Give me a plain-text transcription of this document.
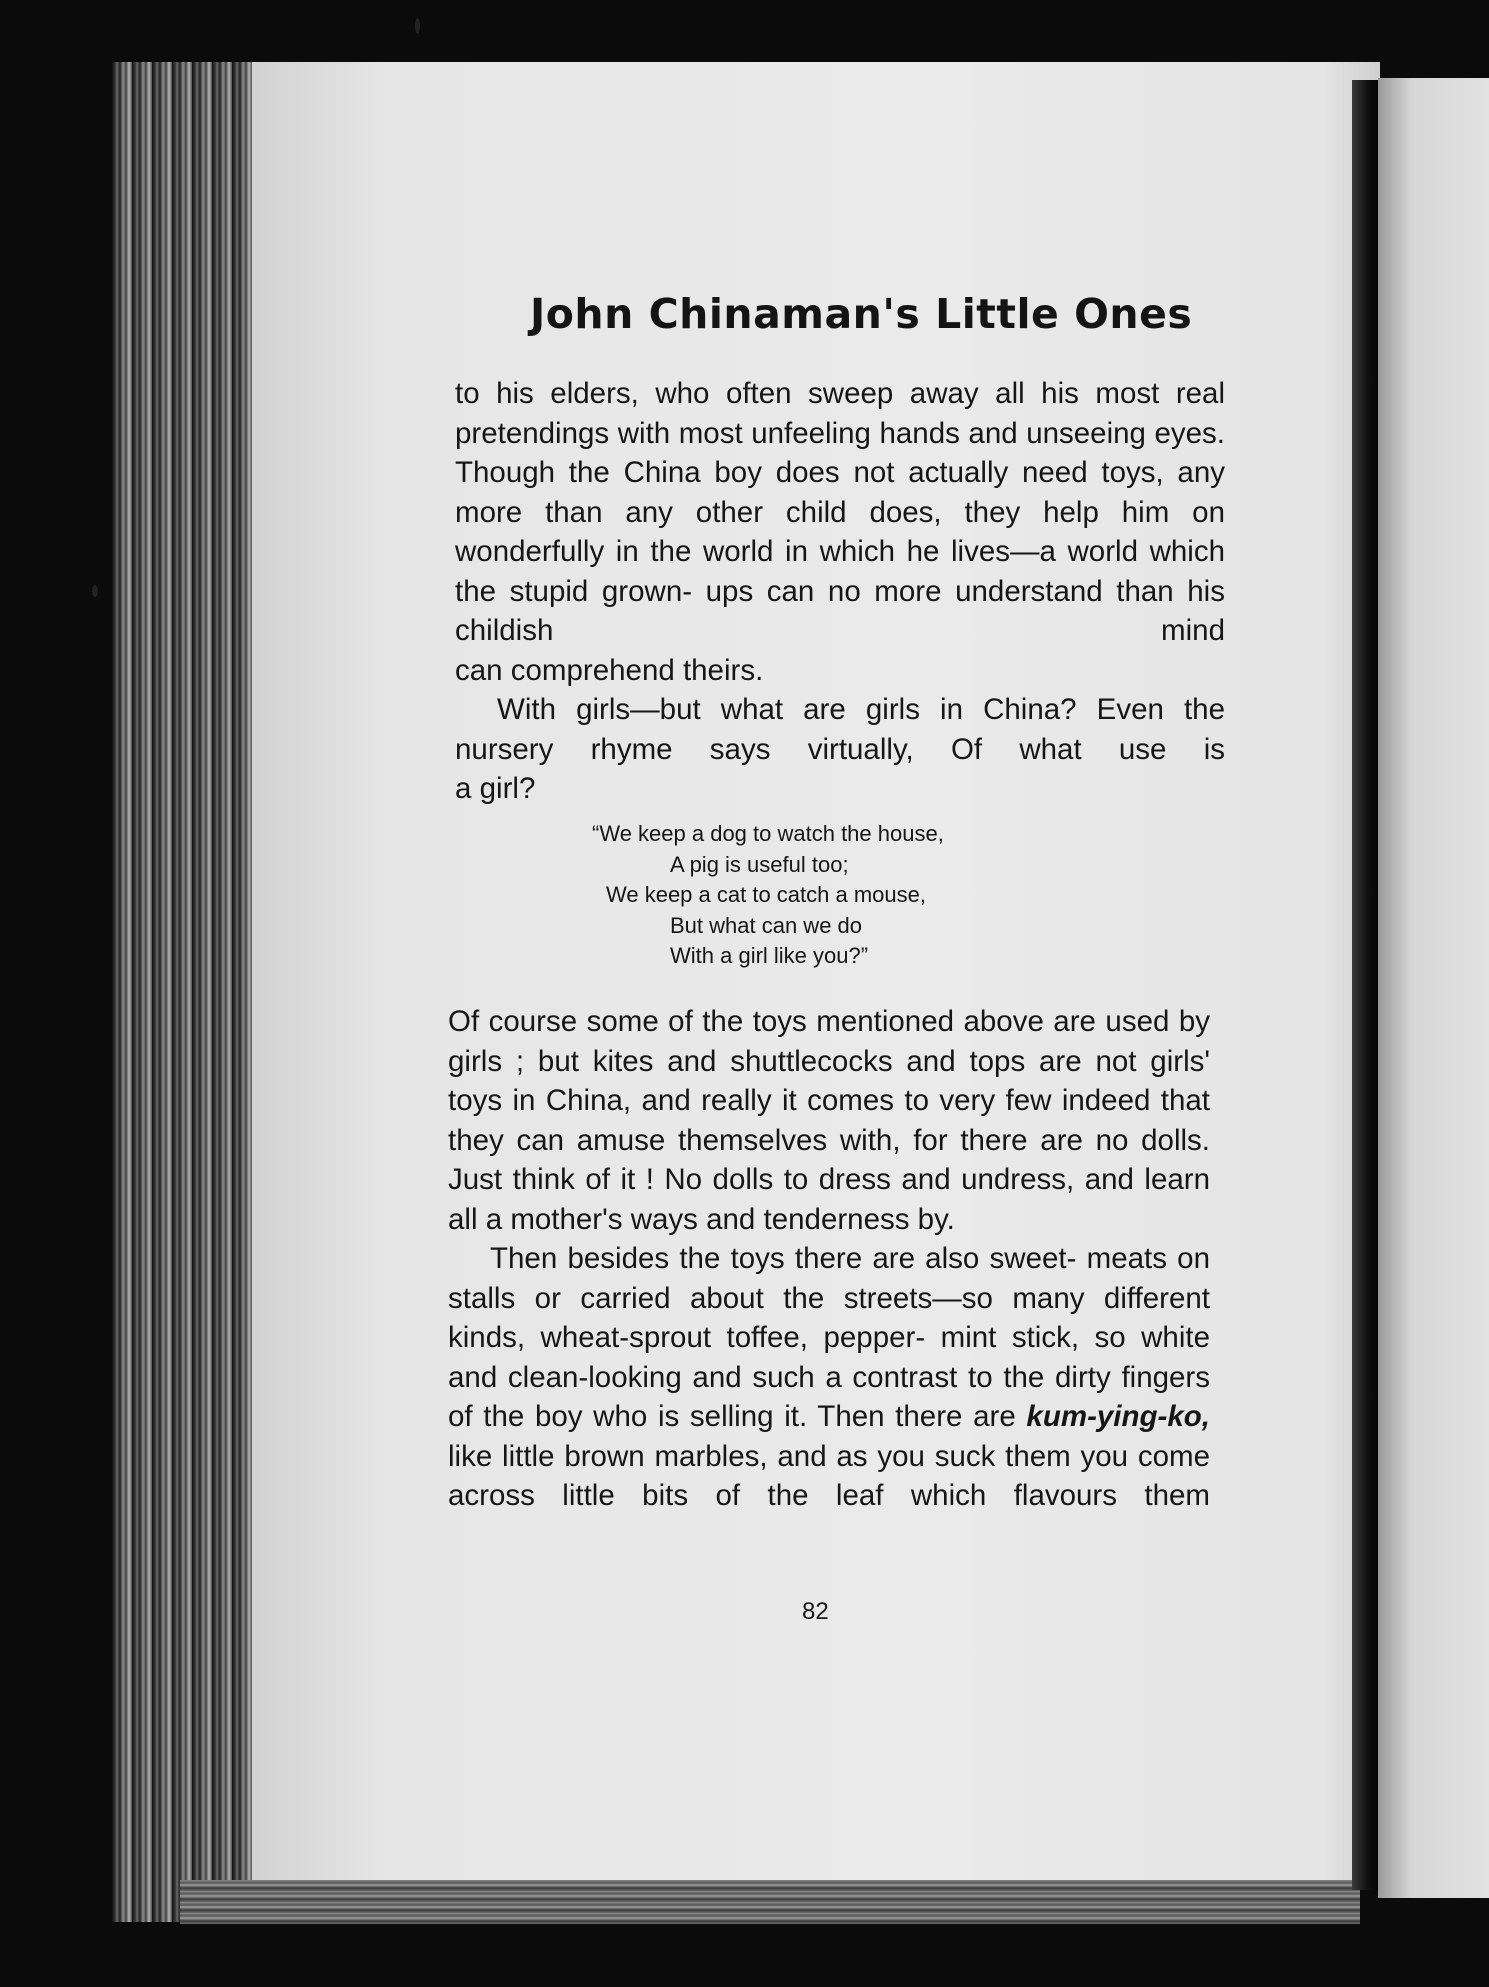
John Chinaman's Little Ones

to his elders, who often sweep away all his most real pretendings with most unfeeling hands and unseeing eyes. Though the China boy does not actually need toys, any more than any other child does, they help him on wonderfully in the world in which he lives—a world which the stupid grown- ups can no more understand than his childish mind

can comprehend theirs.

With girls—but what are girls in China? Even the nursery rhyme says virtually, Of what use is

a girl?

“We keep a dog to watch the house,
A pig is useful too;
We keep a cat to catch a mouse,
But what can we do
With a girl like you?”

Of course some of the toys mentioned above are used by girls ; but kites and shuttlecocks and tops are not girls' toys in China, and really it comes to very few indeed that they can amuse themselves with, for there are no dolls. Just think of it ! No dolls to dress and undress, and learn

all a mother's ways and tenderness by.

Then besides the toys there are also sweet- meats on stalls or carried about the streets—so many different kinds, wheat-sprout toffee, pepper- mint stick, so white and clean-looking and such a contrast to the dirty fingers of the boy who is selling it. Then there are kum-ying-ko, like little brown marbles, and as you suck them you come across little bits of the leaf which flavours them

82
